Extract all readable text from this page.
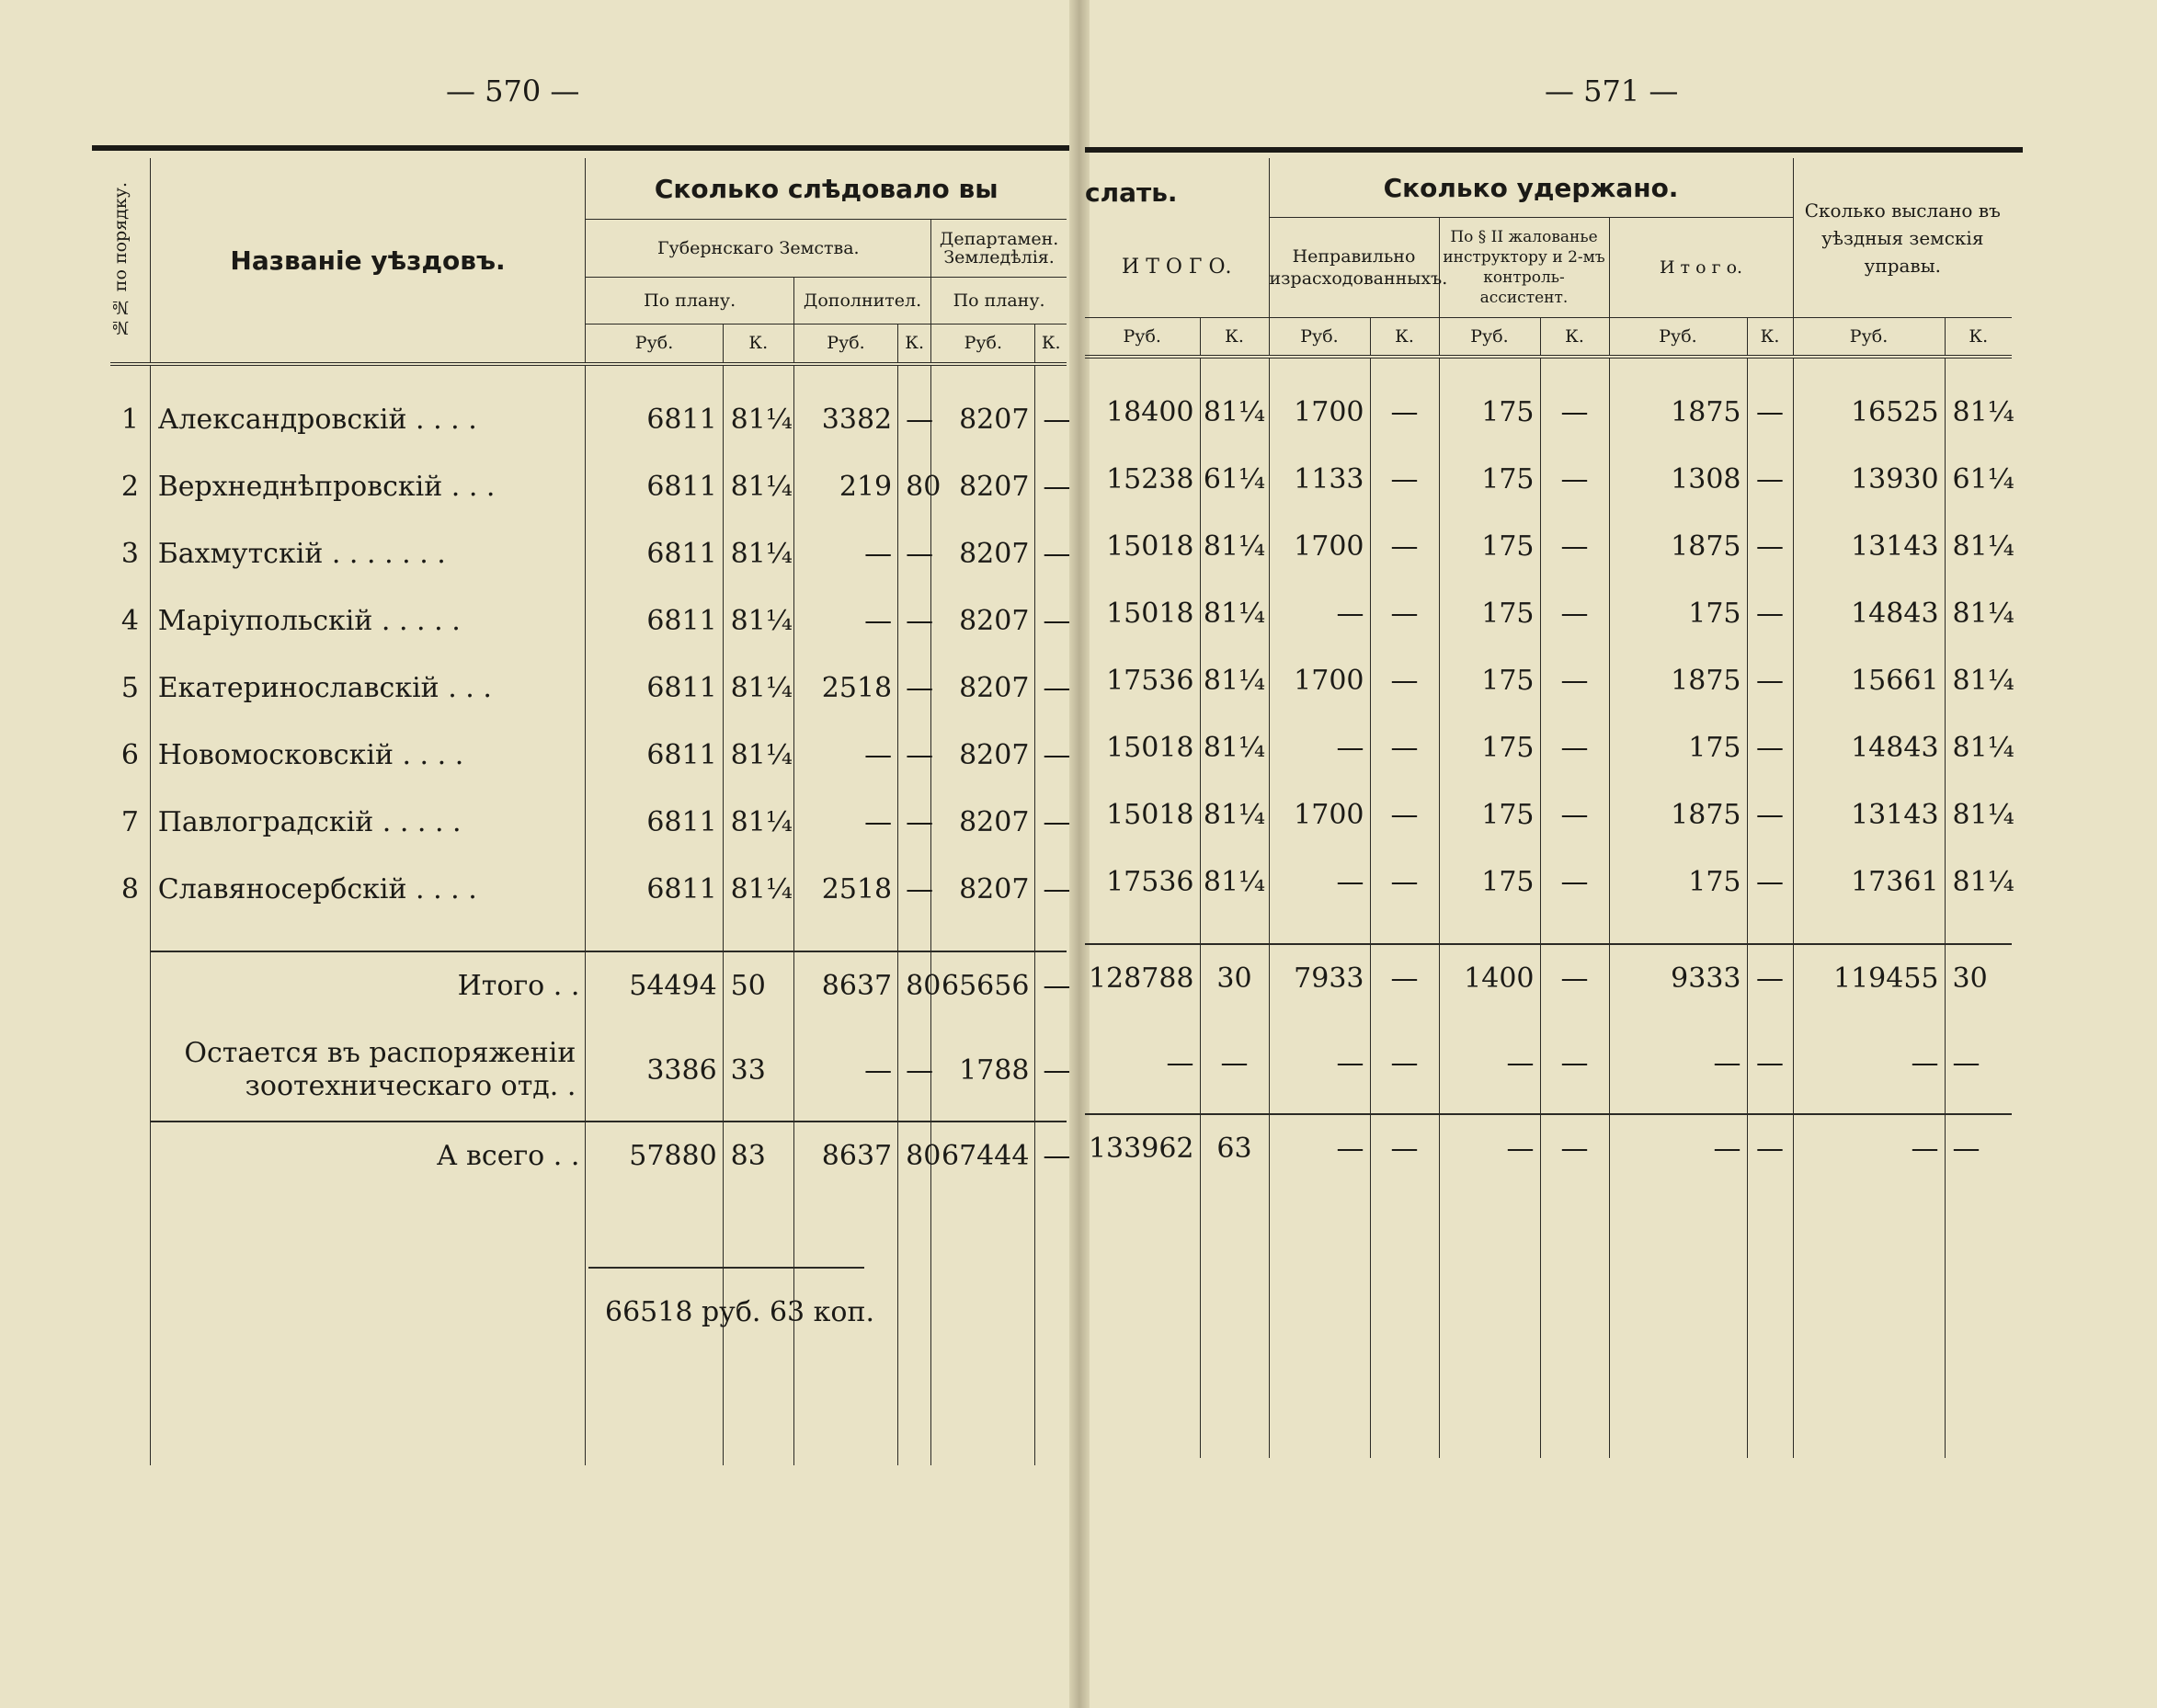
— 570 —	— 571 —
№№ по порядку.	Названіе уѣздовъ.	Сколько слѣдовало вы					
		Губернскаго Земства.				Департамен. Земледѣлія.	
		По плану.		Дополнител.		По плану.	
		Руб.	К.	Руб.	К.	Руб.	К.

1	Александровскій . . . .	6811	81¼	3382	—	8207	—
2	Верхнеднѣпровскій . . .	6811	81¼	219	80	8207	—
3	Бахмутскій . . . . . . .	6811	81¼	—	—	8207	—
4	Маріупольскій . . . . .	6811	81¼	—	—	8207	—
5	Екатеринославскій . . .	6811	81¼	2518	—	8207	—
6	Новомосковскій . . . .	6811	81¼	—	—	8207	—
7	Павлоградскій . . . . .	6811	81¼	—	—	8207	—
8	Славяносербскій . . . .	6811	81¼	2518	—	8207	—

	Итого . .	54494	50	8637	80	65656	—
	Остается въ распоряженіи зоотехническаго отд. .	3386	33	—	—	1788	—
	А всего . .	57880	83	8637	80	67444	—

слать.
И Т О Г О.		Сколько удержано.						Сколько выслано въ уѣздныя земскія управы.	
		Неправильно израсходованныхъ.		По § II жалованье инструктору и 2-мъ контроль-ассистент.		И т о г о.			

Руб.	К.	Руб.	К.	Руб.	К.	Руб.	К.	Руб.	К.

18400	81¼	1700	—	175	—	1875	—	16525	81¼
15238	61¼	1133	—	175	—	1308	—	13930	61¼
15018	81¼	1700	—	175	—	1875	—	13143	81¼
15018	81¼	—	—	175	—	175	—	14843	81¼
17536	81¼	1700	—	175	—	1875	—	15661	81¼
15018	81¼	—	—	175	—	175	—	14843	81¼
15018	81¼	1700	—	175	—	1875	—	13143	81¼
17536	81¼	—	—	175	—	175	—	17361	81¼

128788	30	7933	—	1400	—	9333	—	119455	30
—	—	—	—	—	—	—	—	—	—
133962	63	—	—	—	—	—	—	—	—

66518 руб. 63 коп.
